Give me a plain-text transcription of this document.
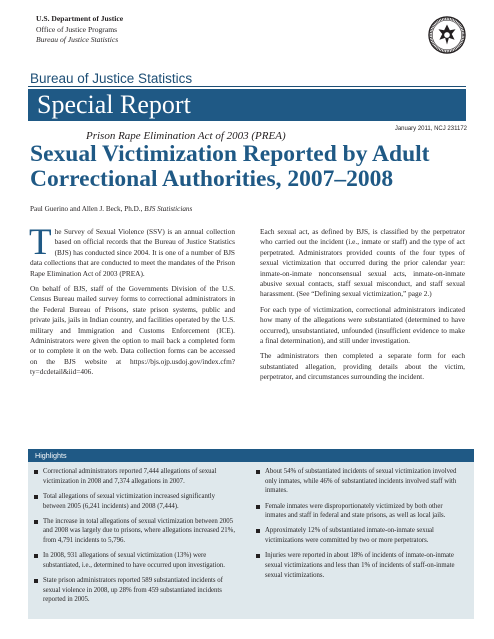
U.S. Department of Justice
Office of Justice Programs
Bureau of Justice Statistics
Bureau of Justice Statistics
Special Report
Prison Rape Elimination Act of 2003 (PREA)
January 2011, NCJ 231172
Sexual Victimization Reported by Adult Correctional Authorities, 2007–2008
Paul Guerino and Allen J. Beck, Ph.D., BJS Statisticians

The Survey of Sexual Violence (SSV) is an annual collection based on official records that the Bureau of Justice Statistics (BJS) has conducted since 2004. It is one of a number of BJS data collections that are conducted to meet the mandates of the Prison Rape Elimination Act of 2003 (PREA).

On behalf of BJS, staff of the Governments Division of the U.S. Census Bureau mailed survey forms to correctional administrators in the Federal Bureau of Prisons, state prison systems, public and private jails, jails in Indian country, and facilities operated by the U.S. military and Immigration and Customs Enforcement (ICE). Administrators were given the option to mail back a completed form or to complete it on the web. Data collection forms can be accessed on the BJS website at https://bjs.ojp.usdoj.gov/index.cfm?ty=dcdetail&iid=406.

Each sexual act, as defined by BJS, is classified by the perpetrator who carried out the incident (i.e., inmate or staff) and the type of act perpetrated. Administrators provided counts of the four types of sexual victimization that occurred during the prior calendar year: inmate-on-inmate nonconsensual sexual acts, inmate-on-inmate abusive sexual contacts, staff sexual misconduct, and staff sexual harassment. (See “Defining sexual victimization,” page 2.)

For each type of victimization, correctional administrators indicated how many of the allegations were substantiated (determined to have occurred), unsubstantiated, unfounded (insufficient evidence to make a final determination), and still under investigation.

The administrators then completed a separate form for each substantiated allegation, providing details about the victim, perpetrator, and circumstances surrounding the incident.

Highlights
Correctional administrators reported 7,444 allegations of sexual victimization in 2008 and 7,374 allegations in 2007.
Total allegations of sexual victimization increased significantly between 2005 (6,241 incidents) and 2008 (7,444).
The increase in total allegations of sexual victimization between 2005 and 2008 was largely due to prisons, where allegations increased 21%, from 4,791 incidents to 5,796.
In 2008, 931 allegations of sexual victimization (13%) were substantiated, i.e., determined to have occurred upon investigation.
State prison administrators reported 589 substantiated incidents of sexual violence in 2008, up 28% from 459 substantiated incidents reported in 2005.
About 54% of substantiated incidents of sexual victimization involved only inmates, while 46% of substantiated incidents involved staff with inmates.
Female inmates were disproportionately victimized by both other inmates and staff in federal and state prisons, as well as local jails.
Approximately 12% of substantiated inmate-on-inmate sexual victimizations were committed by two or more perpetrators.
Injuries were reported in about 18% of incidents of inmate-on-inmate sexual victimizations and less than 1% of incidents of staff-on-inmate sexual victimizations.
